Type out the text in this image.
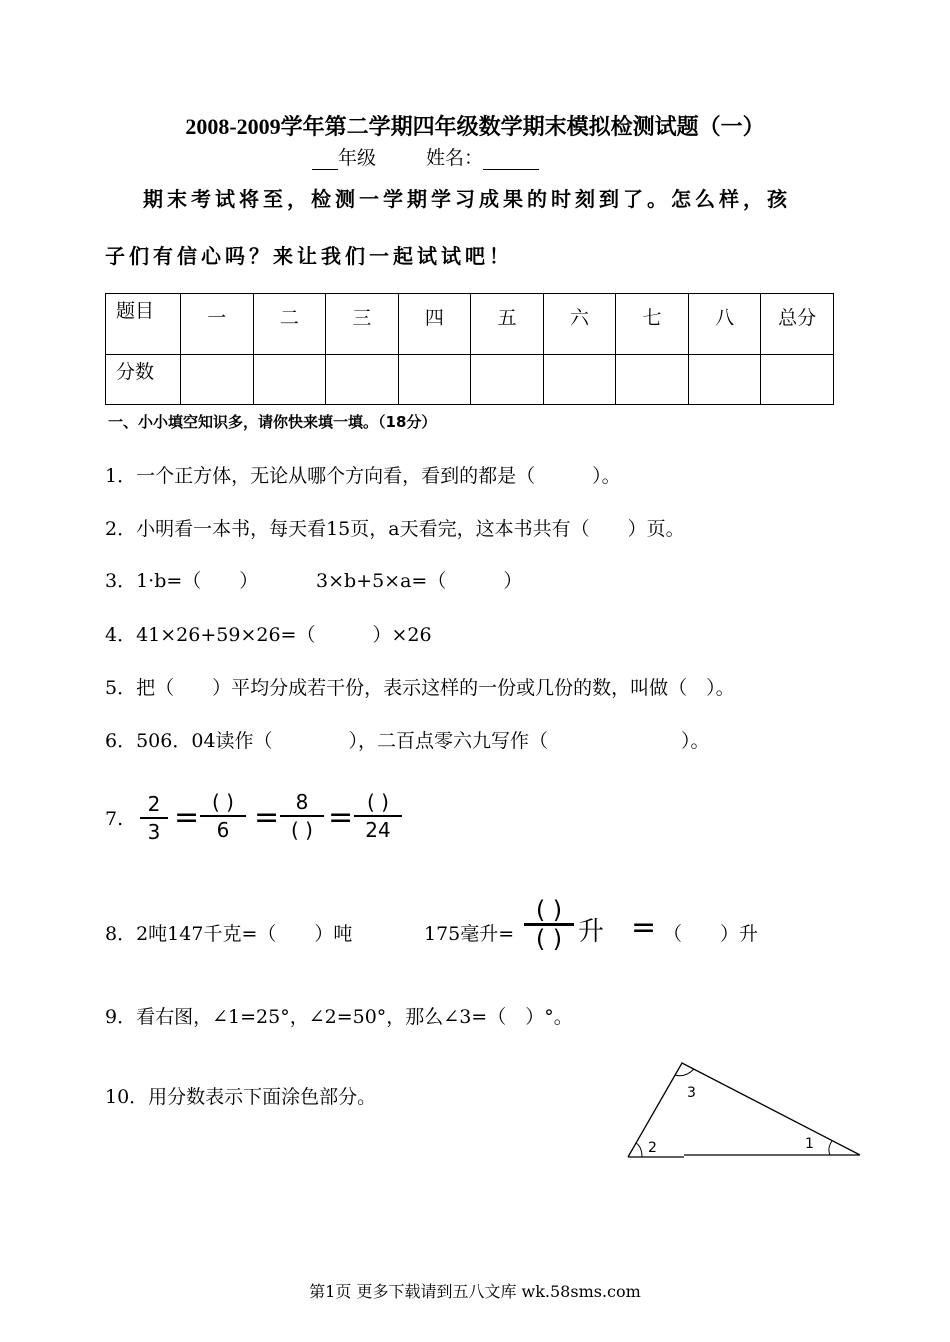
2008-2009学年第二学期四年级数学期末模拟检测试题（一）
年级	姓名：
期末考试将至，检测一学期学习成果的时刻到了。怎么样，孩
子们有信心吗？来让我们一起试试吧！
题目	一	二	三	四	五	六	七	八	总分
分数									
一、小小填空知识多，请你快来填一填。（18分）
1．一个正方体，无论从哪个方向看，看到的都是（　　　）。
2．小明看一本书，每天看15页，a天看完，这本书共有（　　）页。
3．1·b=（　　）	3×b+5×a=（　　　）
4．41×26+59×26=（　　　）×26
5．把（　　）平均分成若干份，表示这样的一份或几份的数，叫做（　）。
6．506．04读作（　　　　），二百点零六九写作（　　　　　　　）。
7.
2
3 = ( )
6 = 8
( ) = ( )
24
8．2吨147千克=（　　）吨	175毫升=
( )
( ) 升 = （　　）升
9．看右图，∠1=25°，∠2=50°，那么∠3=（　）°。
10．用分数表示下面涂色部分。	3
2	1
第1页 更多下载请到五八文库 wk.58sms.com
